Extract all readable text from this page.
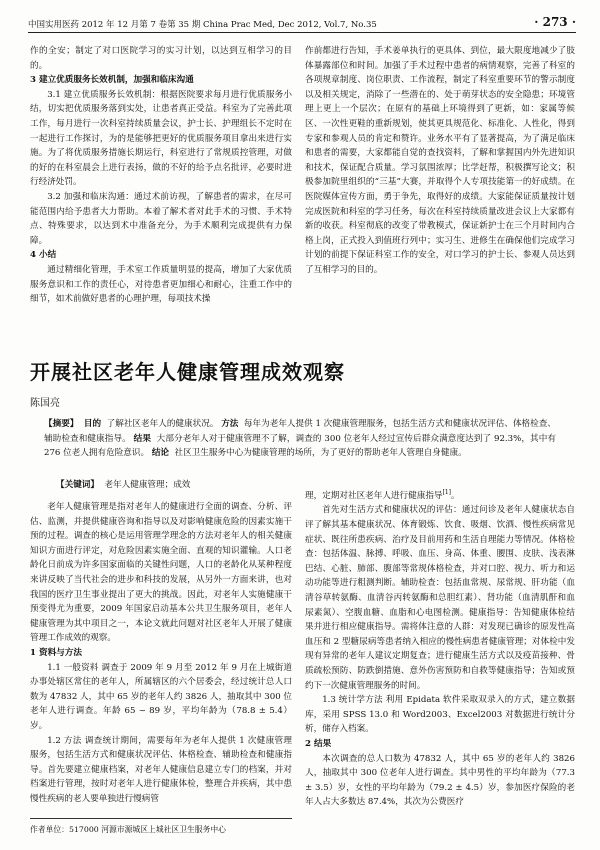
中国实用医药 2012 年 12 月第 7 卷第 35 期 China Prac Med, Dec 2012, Vol.7, No.35	· 273 ·

作的全安；制定了对口医院学习的实习计划，以达到互相学习的目的。

3 建立优质服务长效机制，加强和临床沟通

3.1 建立优质服务长效机制：根据医院要求每月进行优质服务小结，切实把优质服务落到实处，让患者真正受益。科室为了完善此项工作，每月进行一次科室持续质量会议，护士长、护理组长不定时在一起进行工作探讨，为的是能够把更好的优质服务项目拿出来进行实施。为了将优质服务措施长期运行，科室进行了常规质控管理，对做的好的在科室晨会上进行表扬，做的不好的给予点名批评，必要时进行经济处罚。

3.2 加强和临床沟通：通过术前访视，了解患者的需求，在尽可能范围内给予患者大力帮助。本着了解术者对此手术的习惯、手术特点、特殊要求，以达到术中准备充分，为手术顺利完成提供有力保障。

4 小结

通过精细化管理，手术室工作质量明显的提高，增加了大家优质服务意识和工作的责任心，对待患者更加细心和耐心，注重工作中的细节，如术前做好患者的心理护理，每项技术操

作前都进行告知，手术姜单执行的更具体、到位，最大限度地减少了肢体暴露部位和时间。加强了手术过程中患者的病情观察，完善了科室的各项规章制度、岗位职责、工作流程，制定了科室重要环节的警示制度以及相关规定，消除了一些潜在的、处于萌芽状态的安全隐患；环境管理上更上一个层次；在原有的基础上环境得到了更新，如：家属等候区、一次性更鞋的重新规划，使其更具规范化、标准化、人性化，得到专家和参观人员的肯定和赞许。业务水平有了显著提高，为了满足临床和患者的需要，大家都能自觉的查找资料，了解和掌握国内外先进知识和技术，保证配合质量。学习氛围浓厚；比学赶帮，积极撰写论文；积极参加院里组织的“三基”大赛，并取得个人专项技能第一的好成绩。在医院媒体宣传方面，勇于争先，取得好的成绩。大家能保证质量按计划完成医院和科室的学习任务，每次在科室持续质量改进会议上大家都有新的收获。科室彻底的改变了带教模式，保证新护士在三个月时间内合格上岗，正式投入到值班行列中；实习生、进修生在确保他们完成学习计划的前提下保证科室工作的安全，对口学习的护士长、参观人员达到了互相学习的目的。

开展社区老年人健康管理成效观察
陈国亮
【摘要】 目的 了解社区老年人的健康状况。 方法 每年为老年人提供 1 次健康管理服务，包括生活方式和健康状况评估、体格检查、辅助检查和健康指导。 结果 大部分老年人对于健康管理不了解，调查的 300 位老年人经过宣传后群众满意度达到了 92.3%，其中有 276 位老人拥有危险意识。 结论 社区卫生服务中心为健康管理的场所，为了更好的帮助老年人管理自身健康。
【关键词】 老年人健康管理；成效

老年人健康管理是指对老年人的健康进行全面的调查、分析、评估、监测，并提供健康咨询和指导以及对影响健康危险的因素实施干预的过程。调查的核心是运用管理学理念的方法对老年人的相关健康知识方面进行评定，对危险因素实施全面、直观的知识灌输。人口老龄化日前成为许多国家面临的关键性问题，人口的老龄化从某种程度来讲反映了当代社会的进步和科技的发展，从另外一方面来讲，也对我国的医疗卫生事业提出了更大的挑战。因此，对老年人实施健康干预变得尤为重要，2009 年国家启动基本公共卫生服务项目，老年人健康管理为其中项目之一，本论文就此问题对社区老年人开展了健康管理工作成效的观察。

1 资料与方法

1.1 一般资料 调查于 2009 年 9 月至 2012 年 9 月在上城街道办事处辖区常住的老年人，所属辖区的六个居委会，经过统计总人口数为 47832 人，其中 65 岁的老年人约 3826 人，抽取其中 300 位老年人进行调查。年龄 65 ~ 89 岁，平均年龄为（78.8 ± 5.4）岁。

1.2 方法 调查统计期间，需要每年为老年人提供 1 次健康管理服务，包括生活方式和健康状况评估、体格检查、辅助检查和健康指导。首先要建立健康档案，对老年人健康信息建立专门的档案，并对档案进行管理，按时对老年人进行健康体检，整理合并疾病，其中患慢性疾病的老人要单独进行慢病管

理，定期对社区老年人进行健康指导[1]。

首先对生活方式和健康状况的评估：通过问诊及老年人健康状态自评了解其基本健康状况、体育锻炼、饮食、吸烟、饮酒、慢性疾病常见症状、既往所患疾病、治疗及目前用药和生活自理能力等情况。体格检查：包括体温、脉搏、呼吸、血压、身高、体重、腰围、皮肤、浅表淋巴结、心脏、肺部、腹部等常规体格检查，并对口腔、视力、听力和运动功能等进行粗测判断。辅助检查：包括血常规、尿常规、肝功能（血清谷草转氨酶、血清谷丙转氨酶和总胆红素）、肾功能（血清肌酐和血尿素氮）、空腹血糖、血脂和心电图检测。健康指导：告知健康体检结果并进行相应健康指导。需将体注意的人群：对发现已确诊的原发性高血压和 2 型糖尿病等患者纳入相应的慢性病患者健康管理；对体检中发现有异常的老年人建议定期复查；进行健康生活方式以及疫苗接种、骨质疏松预防、防跌倒措施、意外伤害预防和自救等健康指导；告知或预约下一次健康管理服务的时间。

1.3 统计学方法 利用 Epidata 软件采取双录入的方式，建立数据库，采用 SPSS 13.0 和 Word2003、Excel2003 对数据进行统计分析，储存入档案。

2 结果

本次调查的总人口数为 47832 人，其中 65 岁的老年人约 3826 人，抽取其中 300 位老年人进行调查。其中男性的平均年龄为（77.3 ± 3.5）岁，女性的平均年龄为（79.2 ± 4.5）岁，参加医疗保险的老年人占大多数达 87.4%，其次为公费医疗

作者单位：517000 河源市源城区上城社区卫生服务中心
